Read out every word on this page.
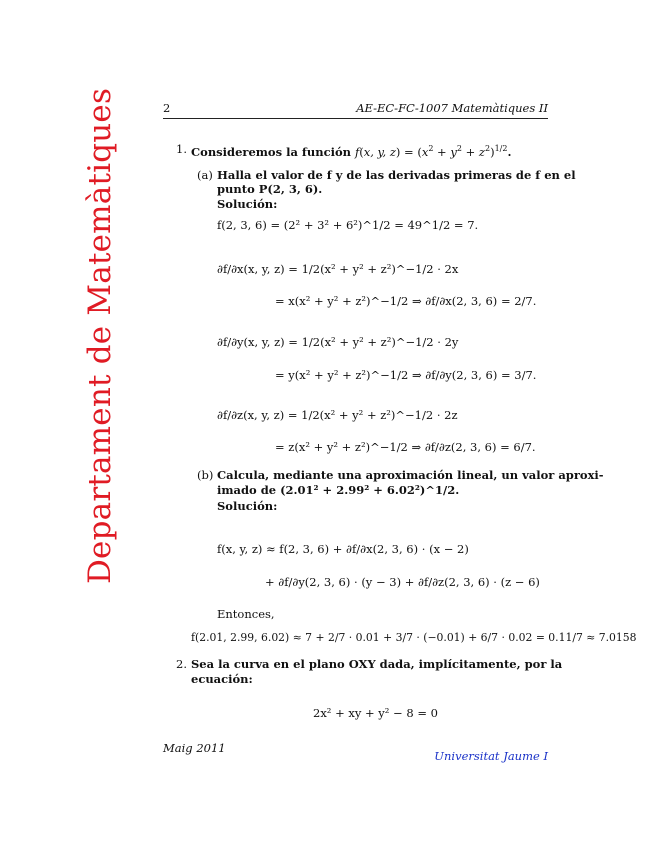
2	AE-EC-FC-1007 Matemàtiques II
Departament de Matemàtiques	1. Consideremos la función f(x, y, $z) = (x^2 + y^2 + z^2)^{1/2}$.
(a) Halla el valor de f y de las derivadas primeras de f en el
punto P(2, 3, 6).
Solución:
f(2, 3, 6) = (2² + 3² + 6²)^1/2 = 49^1/2 = 7.
∂f/∂x(x, y, z) = 1/2(x² + y² + z²)^−1/2 · 2x
= x(x² + y² + z²)^−1/2 ⇒ ∂f/∂x(2, 3, 6) = 2/7.
∂f/∂y(x, y, z) = 1/2(x² + y² + z²)^−1/2 · 2y
= y(x² + y² + z²)^−1/2 ⇒ ∂f/∂y(2, 3, 6) = 3/7.
∂f/∂z(x, y, z) = 1/2(x² + y² + z²)^−1/2 · 2z
= z(x² + y² + z²)^−1/2 ⇒ ∂f/∂z(2, 3, 6) = 6/7.
(b) Calcula, mediante una aproximación lineal, un valor aproxi-
imado de (2.01² + 2.99² + 6.02²)^1/2.
Solución:
f(x, y, z) ≈ f(2, 3, 6) + ∂f/∂x(2, 3, 6) · (x − 2)
+ ∂f/∂y(2, 3, 6) · (y − 3) + ∂f/∂z(2, 3, 6) · (z − 6)
Entonces,
f(2.01, 2.99, 6.02) ≈ 7 + 2/7 · 0.01 + 3/7 · (−0.01) + 6/7 · 0.02 = 0.11/7 ≈ 7.0158
2. Sea la curva en el plano OXY dada, implícitamente, por la
ecuación:
2x² + xy + y² − 8 = 0
Maig 2011
Universitat Jaume I
